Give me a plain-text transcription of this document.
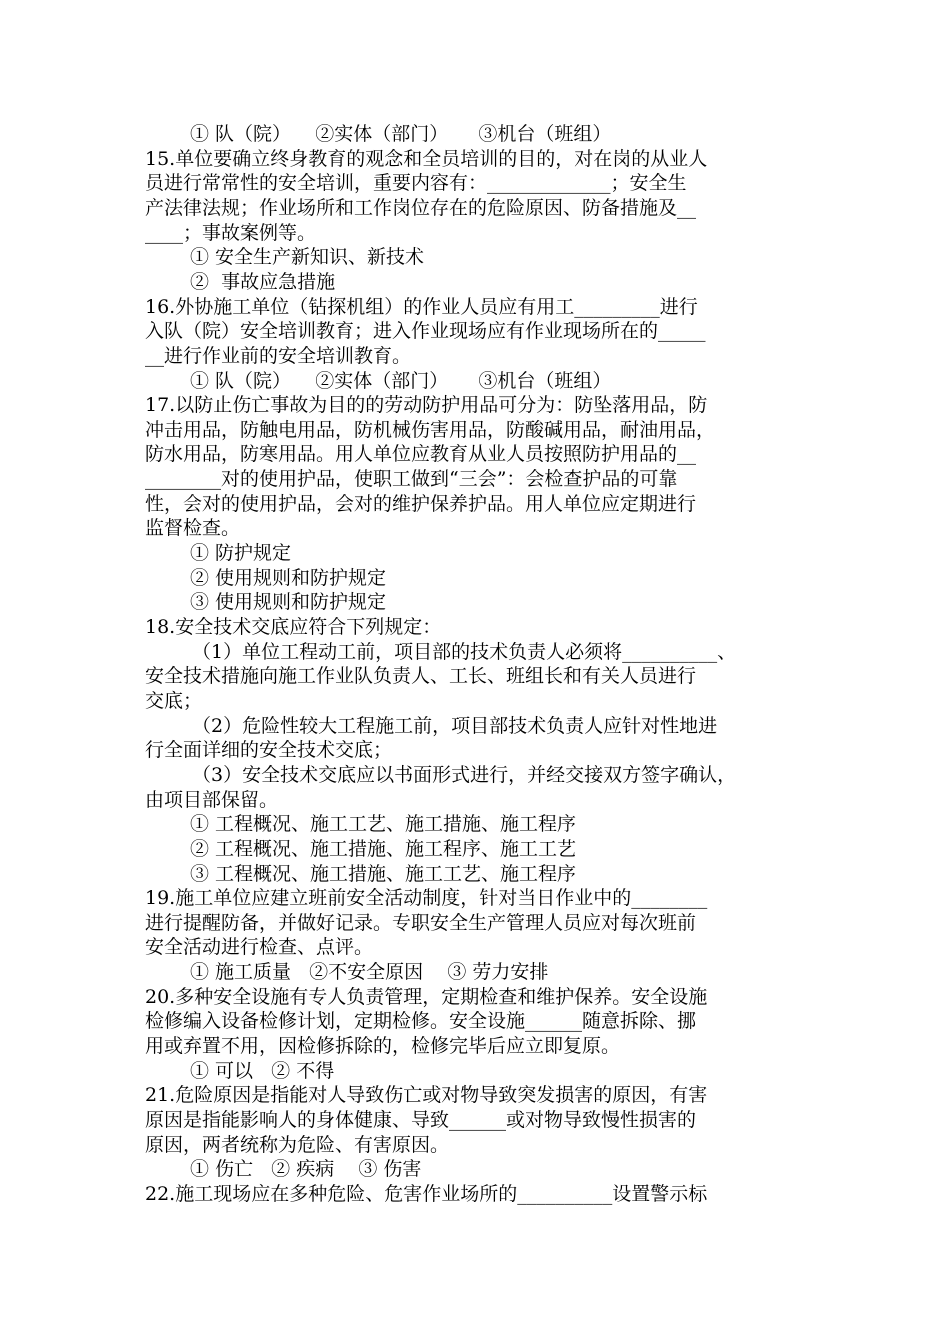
① 队（院）    ②实体（部门）     ③机台（班组）
15.单位要确立终身教育的观念和全员培训的目的，对在岗的从业人
员进行常常性的安全培训，重要内容有：_____________；安全生
产法律法规；作业场所和工作岗位存在的危险原因、防备措施及__
____；事故案例等。
① 安全生产新知识、新技术
②  事故应急措施
16.外协施工单位（钻探机组）的作业人员应有用工_________进行
入队（院）安全培训教育；进入作业现场应有作业现场所在的_____
__进行作业前的安全培训教育。
① 队（院）    ②实体（部门）     ③机台（班组）
17.以防止伤亡事故为目的的劳动防护用品可分为：防坠落用品，防
冲击用品，防触电用品，防机械伤害用品，防酸碱用品，耐油用品，
防水用品，防寒用品。用人单位应教育从业人员按照防护用品的__
________对的使用护品，使职工做到“三会”：会检查护品的可靠
性，会对的使用护品，会对的维护保养护品。用人单位应定期进行
监督检查。
① 防护规定
② 使用规则和防护规定
③ 使用规则和防护规定
18.安全技术交底应符合下列规定：
（1）单位工程动工前，项目部的技术负责人必须将__________、
安全技术措施向施工作业队负责人、工长、班组长和有关人员进行
交底；
（2）危险性较大工程施工前，项目部技术负责人应针对性地进
行全面详细的安全技术交底；
（3）安全技术交底应以书面形式进行，并经交接双方签字确认，
由项目部保留。
① 工程概况、施工工艺、施工措施、施工程序
② 工程概况、施工措施、施工程序、施工工艺
③ 工程概况、施工措施、施工工艺、施工程序
19.施工单位应建立班前安全活动制度，针对当日作业中的________
进行提醒防备，并做好记录。专职安全生产管理人员应对每次班前
安全活动进行检查、点评。
① 施工质量   ②不安全原因    ③ 劳力安排
20.多种安全设施有专人负责管理，定期检查和维护保养。安全设施
检修编入设备检修计划，定期检修。安全设施______随意拆除、挪
用或弃置不用，因检修拆除的，检修完毕后应立即复原。
① 可以   ② 不得
21.危险原因是指能对人导致伤亡或对物导致突发损害的原因，有害
原因是指能影响人的身体健康、导致______或对物导致慢性损害的
原因，两者统称为危险、有害原因。
① 伤亡   ② 疾病    ③ 伤害
22.施工现场应在多种危险、危害作业场所的__________设置警示标
